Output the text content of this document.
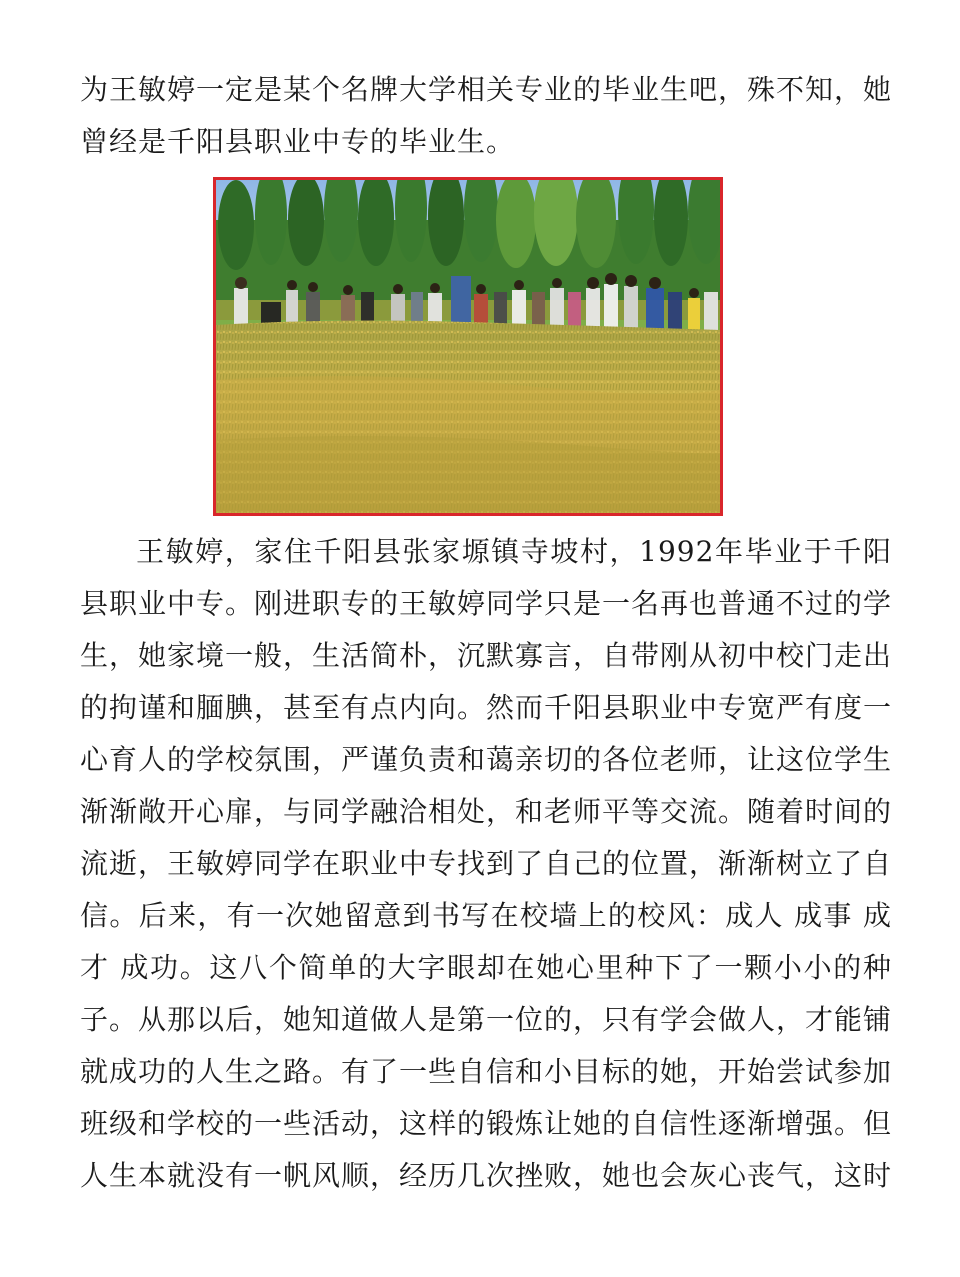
为王敏婷一定是某个名牌大学相关专业的毕业生吧，殊不知，她

曾经是千阳县职业中专的毕业生。

王敏婷，家住千阳县张家塬镇寺坡村，1992年毕业于千阳县职业中专。刚进职专的王敏婷同学只是一名再也普通不过的学生，她家境一般，生活简朴，沉默寡言，自带刚从初中校门走出的拘谨和腼腆，甚至有点内向。然而千阳县职业中专宽严有度一心育人的学校氛围，严谨负责和蔼亲切的各位老师，让这位学生渐渐敞开心扉，与同学融洽相处，和老师平等交流。随着时间的流逝，王敏婷同学在职业中专找到了自己的位置，渐渐树立了自信。后来，有一次她留意到书写在校墙上的校风：成人 成事 成才 成功。这八个简单的大字眼却在她心里种下了一颗小小的种子。从那以后，她知道做人是第一位的，只有学会做人，才能铺就成功的人生之路。有了一些自信和小目标的她，开始尝试参加班级和学校的一些活动，这样的锻炼让她的自信性逐渐增强。但人生本就没有一帆风顺，经历几次挫败，她也会灰心丧气，这时
